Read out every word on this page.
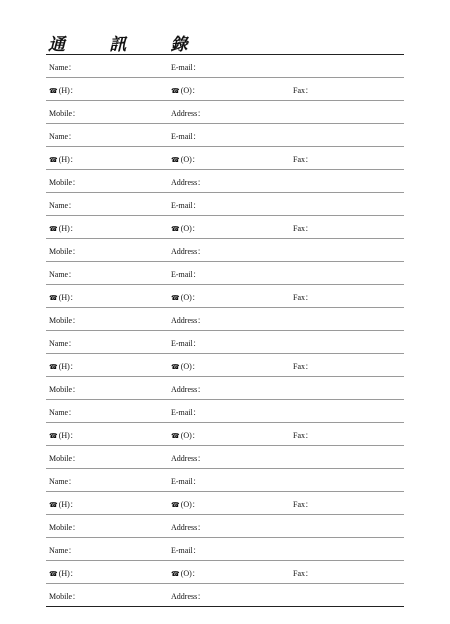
通 訊 錄
Name：	E-mail：
☎(H)：	☎(O)：	Fax：
Mobile：	Address：
Name：	E-mail：
☎(H)：	☎(O)：	Fax：
Mobile：	Address：
Name：	E-mail：
☎(H)：	☎(O)：	Fax：
Mobile：	Address：
Name：	E-mail：
☎(H)：	☎(O)：	Fax：
Mobile：	Address：
Name：	E-mail：
☎(H)：	☎(O)：	Fax：
Mobile：	Address：
Name：	E-mail：
☎(H)：	☎(O)：	Fax：
Mobile：	Address：
Name：	E-mail：
☎(H)：	☎(O)：	Fax：
Mobile：	Address：
Name：	E-mail：
☎(H)：	☎(O)：	Fax：
Mobile：	Address：
